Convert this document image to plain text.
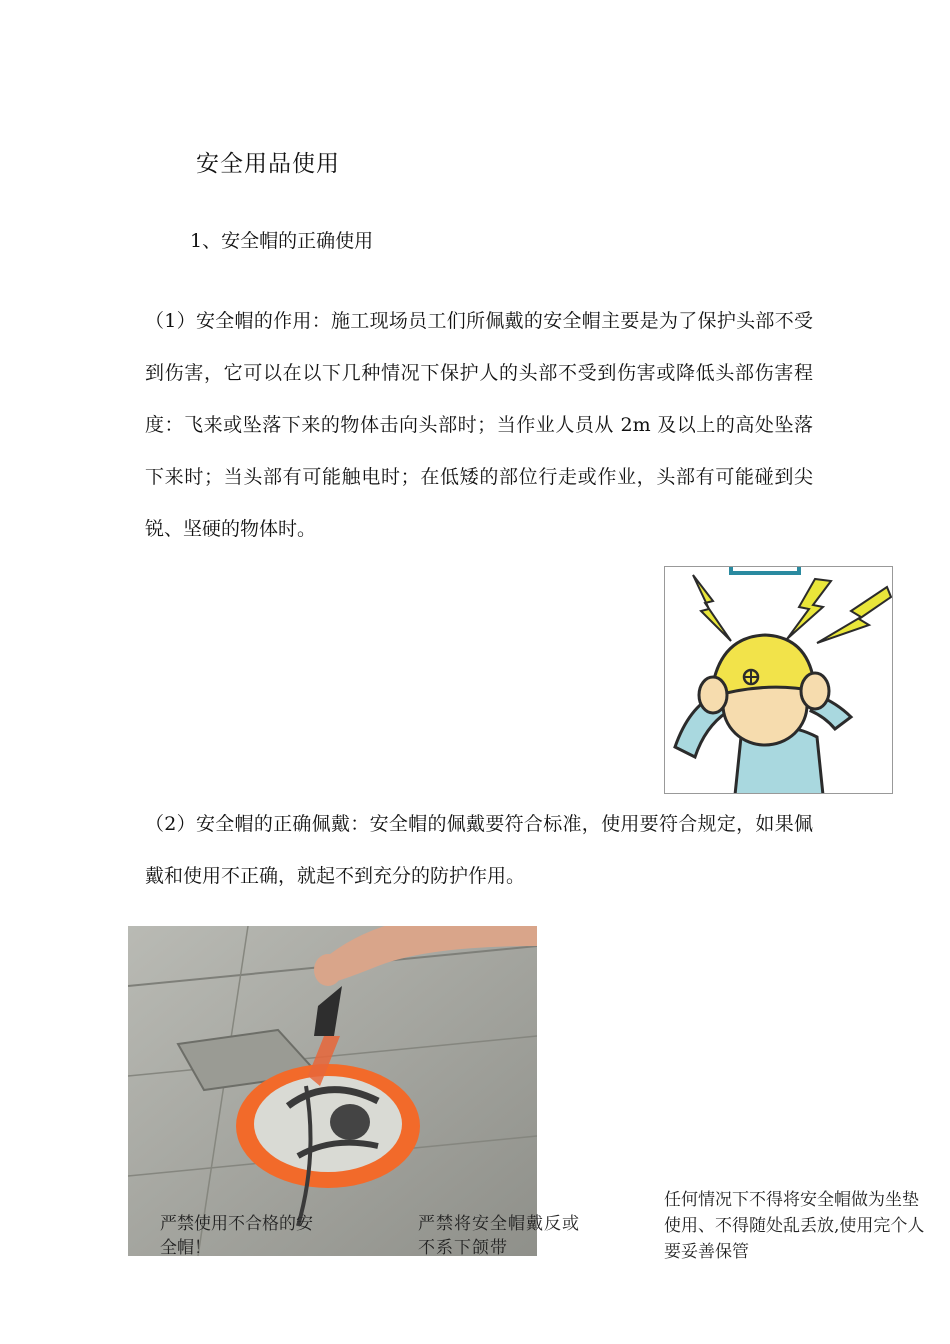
安全用品使用
1、安全帽的正确使用
（1）安全帽的作用：施工现场员工们所佩戴的安全帽主要是为了保护头部不受到伤害，它可以在以下几种情况下保护人的头部不受到伤害或降低头部伤害程度：飞来或坠落下来的物体击向头部时；当作业人员从 2m 及以上的高处坠落下来时；当头部有可能触电时；在低矮的部位行走或作业，头部有可能碰到尖锐、坚硬的物体时。
（2）安全帽的正确佩戴：安全帽的佩戴要符合标准，使用要符合规定，如果佩戴和使用不正确，就起不到充分的防护作用。
严禁使用不合格的安全帽！
严禁将安全帽戴反或不系下颌带
任何情况下不得将安全帽做为坐垫使用、不得随处乱丢放,使用完个人要妥善保管
